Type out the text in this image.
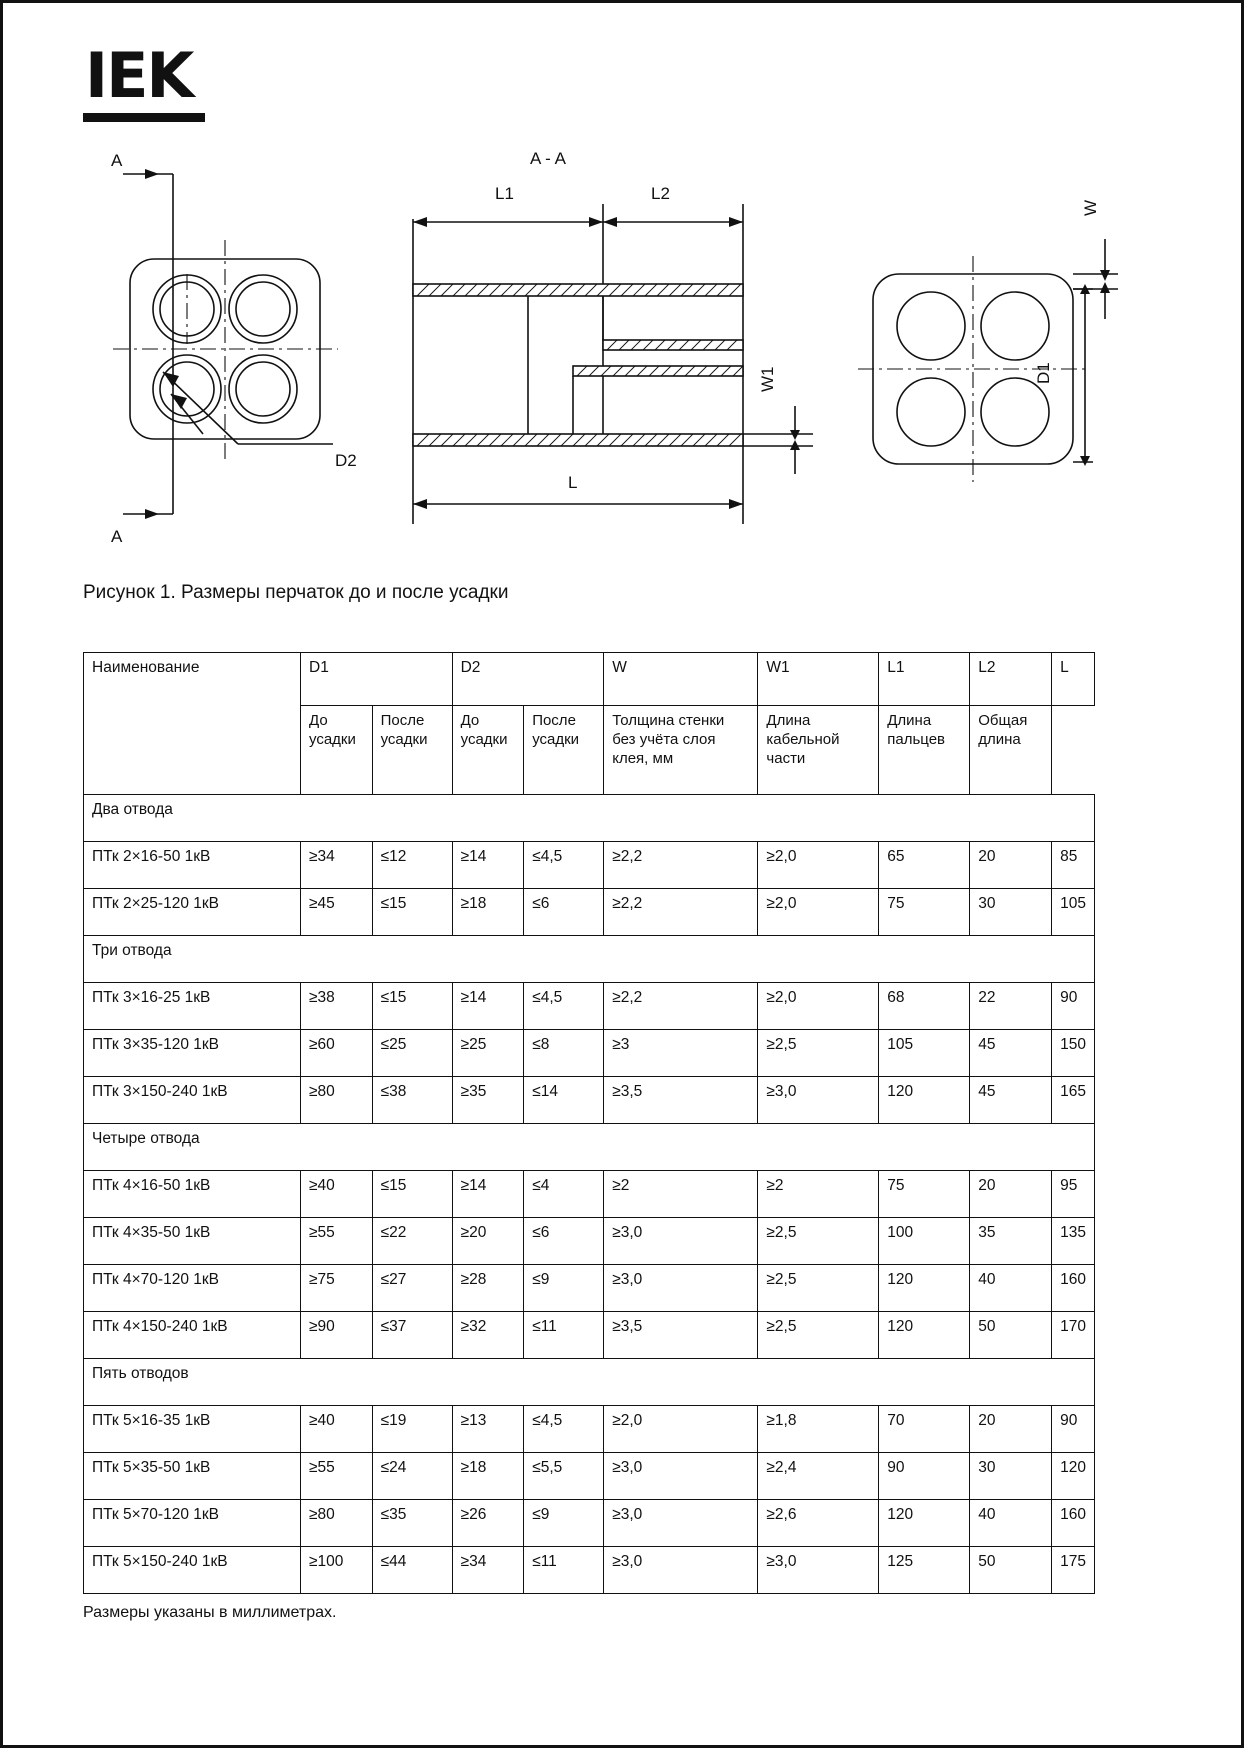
IEK
A
A
D2
A - A
L1	L2
L
W1
W
D1
Рисунок 1. Размеры перчаток до и после усадки
Наименование	D1		D2		W	W1	L1	L2	L
	До усадки	После усадки	До усадки	После усадки	Толщина стенки без учёта слоя клея, мм	Длина кабельной части	Длина пальцев	Общая длина	
Два отвода									
ПТк 2×16-50 1кВ	≥34	≤12	≥14	≤4,5	≥2,2	≥2,0	65	20	85
ПТк 2×25-120 1кВ	≥45	≤15	≥18	≤6	≥2,2	≥2,0	75	30	105
Три отвода									
ПТк 3×16-25 1кВ	≥38	≤15	≥14	≤4,5	≥2,2	≥2,0	68	22	90
ПТк 3×35-120 1кВ	≥60	≤25	≥25	≤8	≥3	≥2,5	105	45	150
ПТк 3×150-240 1кВ	≥80	≤38	≥35	≤14	≥3,5	≥3,0	120	45	165
Четыре отвода									
ПТк 4×16-50 1кВ	≥40	≤15	≥14	≤4	≥2	≥2	75	20	95
ПТк 4×35-50 1кВ	≥55	≤22	≥20	≤6	≥3,0	≥2,5	100	35	135
ПТк 4×70-120 1кВ	≥75	≤27	≥28	≤9	≥3,0	≥2,5	120	40	160
ПТк 4×150-240 1кВ	≥90	≤37	≥32	≤11	≥3,5	≥2,5	120	50	170
Пять отводов									
ПТк 5×16-35 1кВ	≥40	≤19	≥13	≤4,5	≥2,0	≥1,8	70	20	90
ПТк 5×35-50 1кВ	≥55	≤24	≥18	≤5,5	≥3,0	≥2,4	90	30	120
ПТк 5×70-120 1кВ	≥80	≤35	≥26	≤9	≥3,0	≥2,6	120	40	160
ПТк 5×150-240 1кВ	≥100	≤44	≥34	≤11	≥3,0	≥3,0	125	50	175
Размеры указаны в миллиметрах.
